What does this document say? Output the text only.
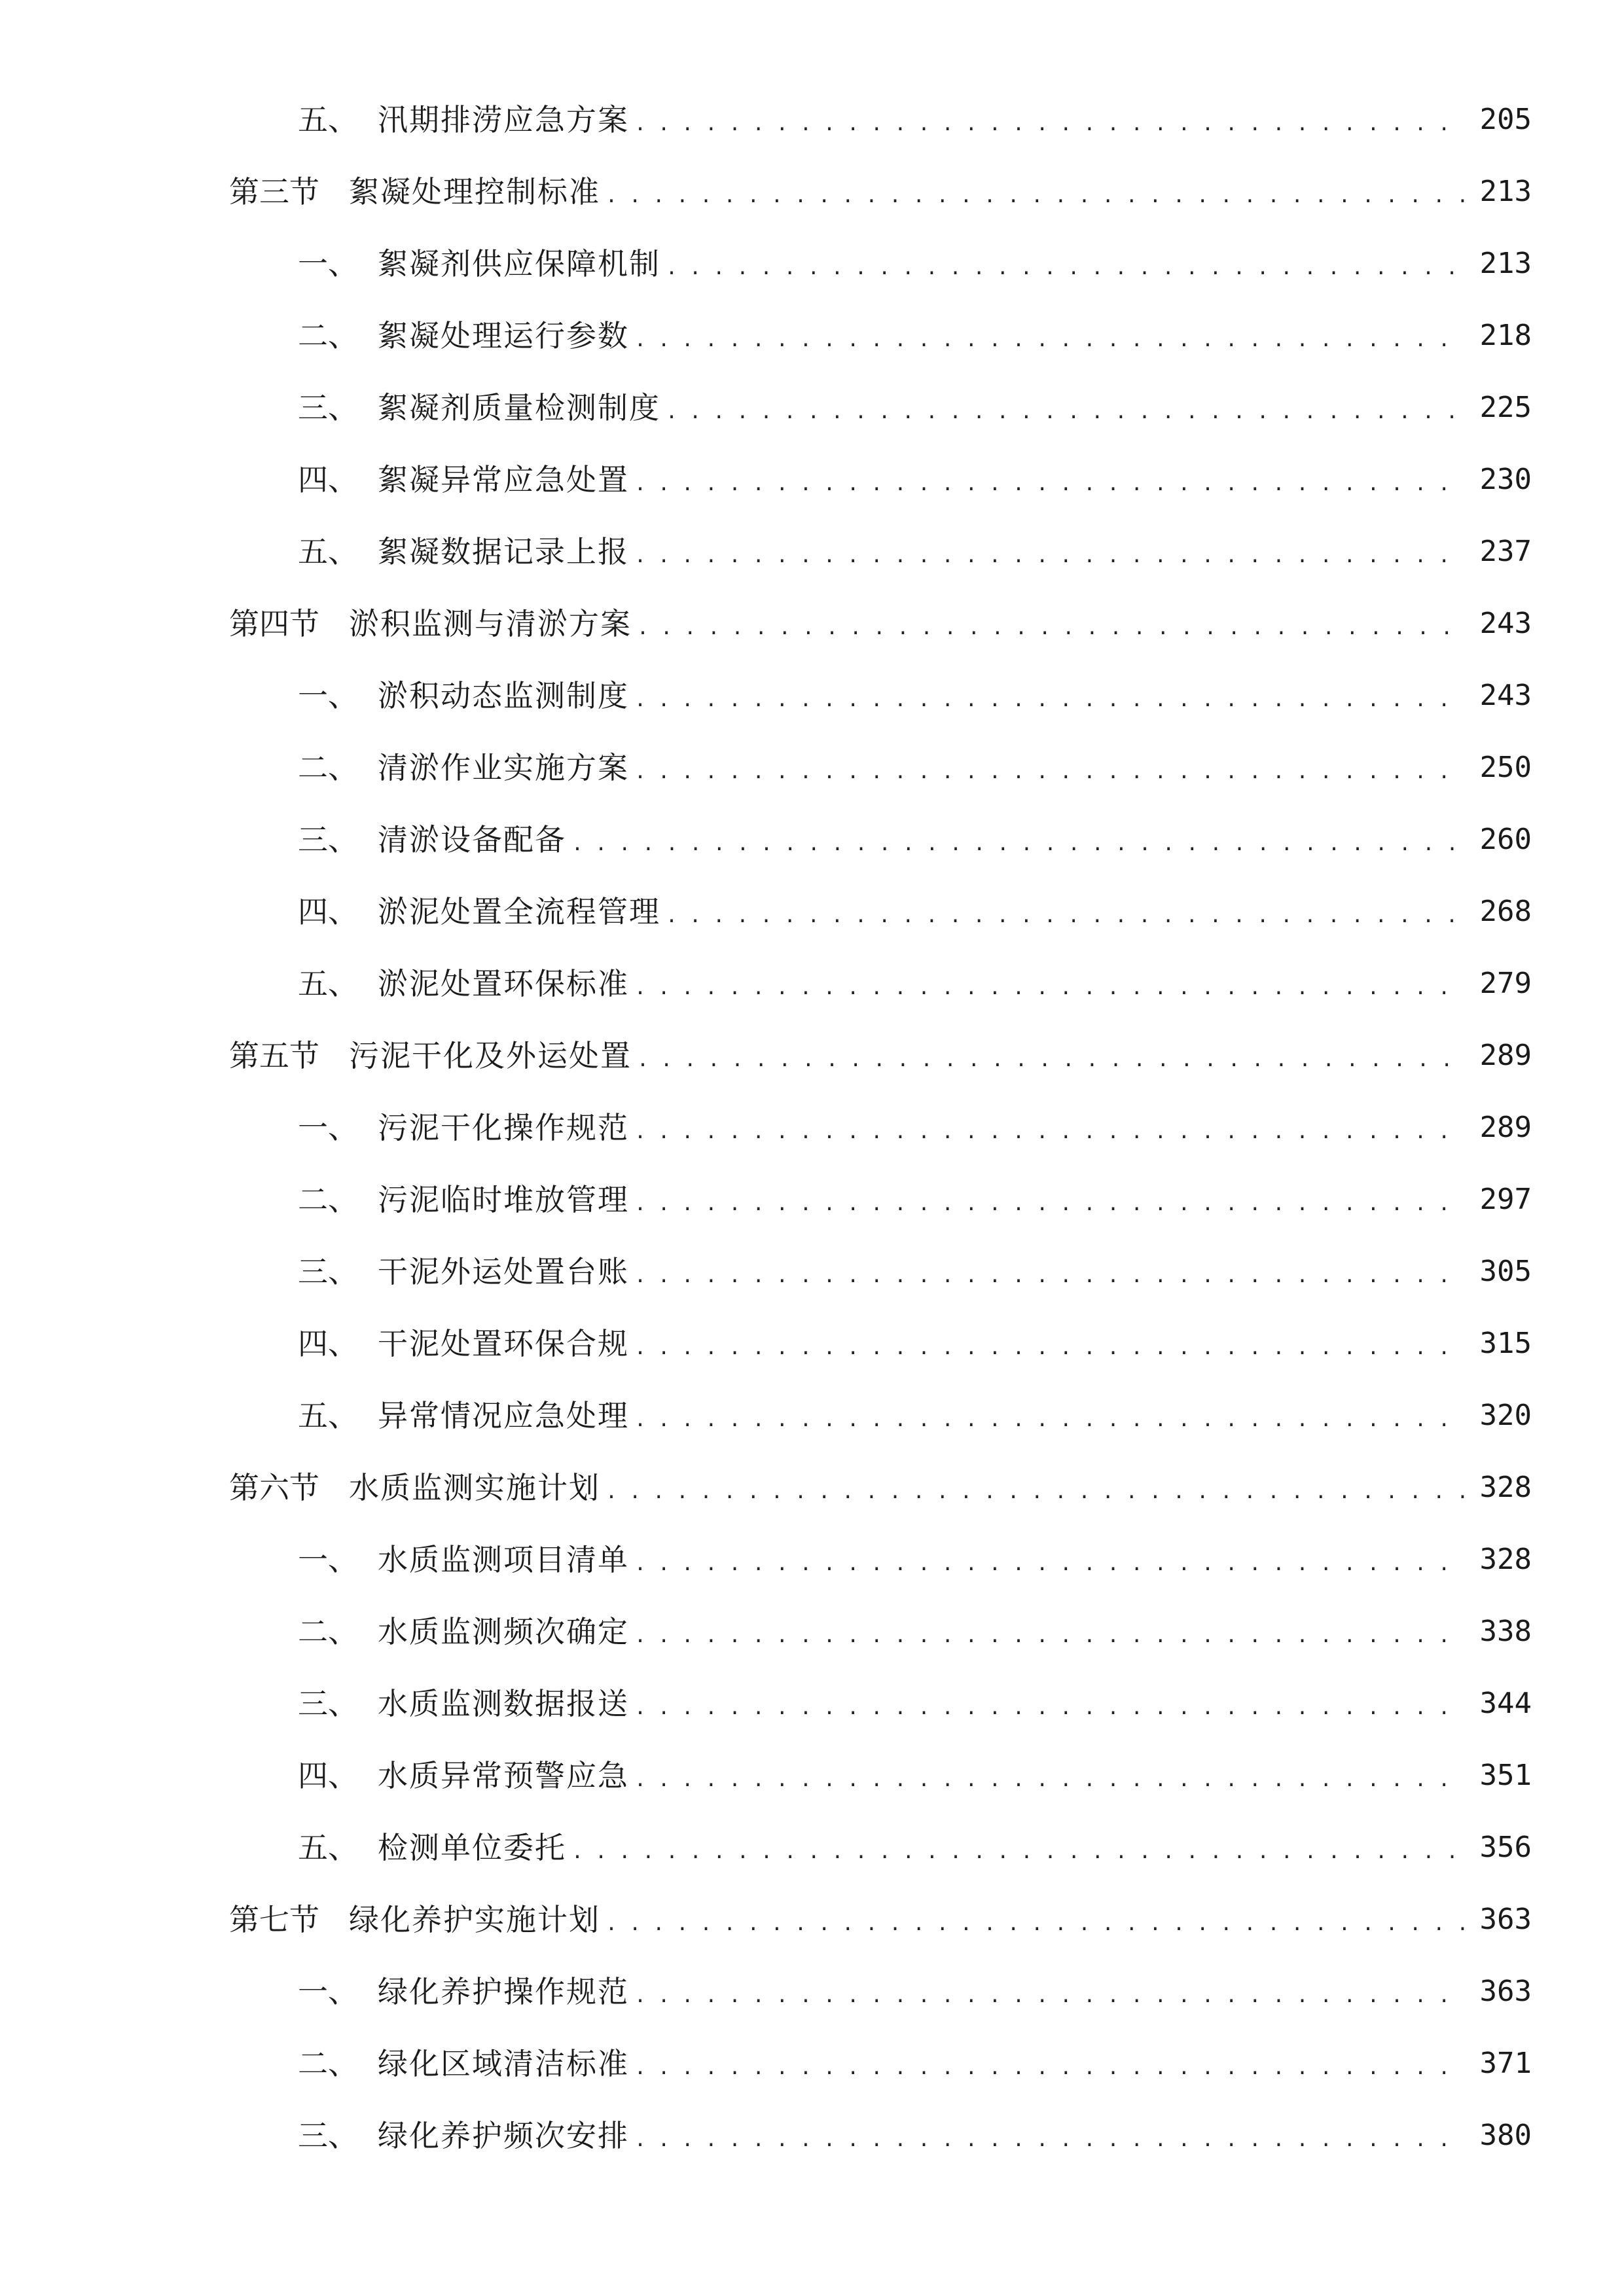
五、 汛期排涝应急方案 . . .	205
第三节 絮凝处理控制标准 . . .	213
一、 絮凝剂供应保障机制 . . .	213
二、 絮凝处理运行参数 . . .	218
三、 絮凝剂质量检测制度 . . .	225
四、 絮凝异常应急处置 . . .	230
五、 絮凝数据记录上报 . . .	237
第四节 淤积监测与清淤方案 . . .	243
一、 淤积动态监测制度 . . .	243
二、 清淤作业实施方案 . . .	250
三、 清淤设备配备 . . .	260
四、 淤泥处置全流程管理 . . .	268
五、 淤泥处置环保标准 . . .	279
第五节 污泥干化及外运处置 . . .	289
一、 污泥干化操作规范 . . .	289
二、 污泥临时堆放管理 . . .	297
三、 干泥外运处置台账 . . .	305
四、 干泥处置环保合规 . . .	315
五、 异常情况应急处理 . . .	320
第六节 水质监测实施计划 . . .	328
一、 水质监测项目清单 . . .	328
二、 水质监测频次确定 . . .	338
三、 水质监测数据报送 . . .	344
四、 水质异常预警应急 . . .	351
五、 检测单位委托 . . .	356
第七节 绿化养护实施计划 . . .	363
一、 绿化养护操作规范 . . .	363
二、 绿化区域清洁标准 . . .	371
三、 绿化养护频次安排 . . .	380
